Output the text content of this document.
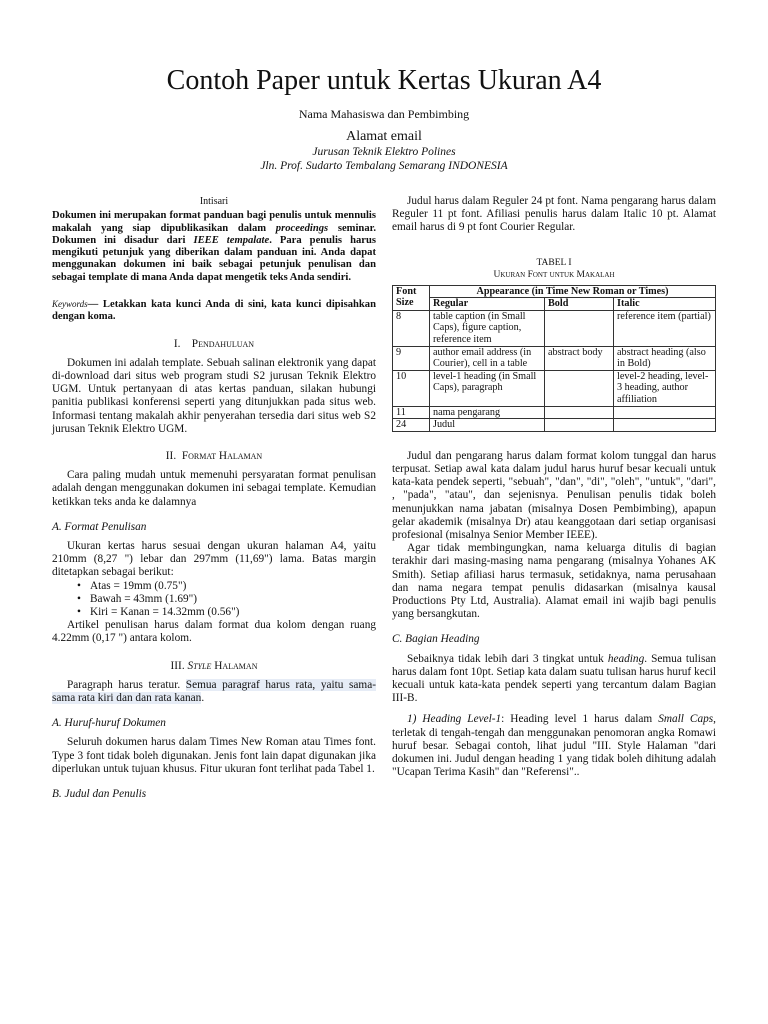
Contoh Paper untuk Kertas Ukuran A4
Nama Mahasiswa dan Pembimbing
Alamat email
Jurusan Teknik Elektro Polines
Jln. Prof. Sudarto Tembalang Semarang INDONESIA

Intisari

Dokumen ini merupakan format panduan bagi penulis untuk mennulis makalah yang siap dipublikasikan dalam proceedings seminar. Dokumen ini disadur dari IEEE tempalate. Para penulis harus mengikuti petunjuk yang diberikan dalam panduan ini. Anda dapat menggunakan dokumen ini baik sebagai petunjuk penulisan dan sebagai template di mana Anda dapat mengetik teks Anda sendiri.

Keywords— Letakkan kata kunci Anda di sini, kata kunci dipisahkan dengan koma.

I. Pendahuluan

Dokumen ini adalah template. Sebuah salinan elektronik yang dapat di-download dari situs web program studi S2 jurusan Teknik Elektro UGM. Untuk pertanyaan di atas kertas panduan, silakan hubungi panitia publikasi konferensi seperti yang ditunjukkan pada situs web. Informasi tentang makalah akhir penyerahan tersedia dari situs web S2 jurusan Teknik Elektro UGM.

II. Format Halaman

Cara paling mudah untuk memenuhi persyaratan format penulisan adalah dengan menggunakan dokumen ini sebagai template. Kemudian ketikkan teks anda ke dalamnya

A. Format Penulisan

Ukuran kertas harus sesuai dengan ukuran halaman A4, yaitu 210mm (8,27 ") lebar dan 297mm (11,69") lama. Batas margin ditetapkan sebagai berikut:

• Atas = 19mm (0.75")
• Bawah = 43mm (1.69")
• Kiri = Kanan = 14.32mm (0.56")

Artikel penulisan harus dalam format dua kolom dengan ruang 4.22mm (0,17 ") antara kolom.

III. Style Halaman

Paragraph harus teratur. Semua paragraf harus rata, yaitu sama-sama rata kiri dan dan rata kanan.

A. Huruf-huruf Dokumen

Seluruh dokumen harus dalam Times New Roman atau Times font. Type 3 font tidak boleh digunakan. Jenis font lain dapat digunakan jika diperlukan untuk tujuan khusus. Fitur ukuran font terlihat pada Tabel 1.

B. Judul dan Penulis

Judul harus dalam Reguler 24 pt font. Nama pengarang harus dalam Reguler 11 pt font. Afiliasi penulis harus dalam Italic 10 pt. Alamat email harus di 9 pt font Courier Regular.

TABEL I

Ukuran Font untuk Makalah

Font Size	Appearance (in Time New Roman or Times)		
	Regular	Bold	Italic
8	table caption (in Small Caps), figure caption, reference item		reference item (partial)
9	author email address (in Courier), cell in a table	abstract body	abstract heading (also in Bold)
10	level-1 heading (in Small Caps), paragraph		level-2 heading, level-3 heading, author affiliation
11	nama pengarang		
24	Judul		

Judul dan pengarang harus dalam format kolom tunggal dan harus terpusat. Setiap awal kata dalam judul harus huruf besar kecuali untuk kata-kata pendek seperti, "sebuah", "dan", "di", "oleh", "untuk", "dari", , "pada", "atau", dan sejenisnya. Penulisan penulis tidak boleh menunjukkan nama jabatan (misalnya Dosen Pembimbing), apapun gelar akademik (misalnya Dr) atau keanggotaan dari setiap organisasi profesional (misalnya Senior Member IEEE).

Agar tidak membingungkan, nama keluarga ditulis di bagian terakhir dari masing-masing nama pengarang (misalnya Yohanes AK Smith). Setiap afiliasi harus termasuk, setidaknya, nama perusahaan dan nama negara tempat penulis didasarkan (misalnya kausal Productions Pty Ltd, Australia). Alamat email ini wajib bagi penulis yang bersangkutan.

C. Bagian Heading

Sebaiknya tidak lebih dari 3 tingkat untuk heading. Semua tulisan harus dalam font 10pt. Setiap kata dalam suatu tulisan harus huruf kecil kecuali untuk kata-kata pendek seperti yang tercantum dalam Bagian III-B.

1) Heading Level-1: Heading level 1 harus dalam Small Caps, terletak di tengah-tengah dan menggunakan penomoran angka Romawi huruf besar. Sebagai contoh, lihat judul "III. Style Halaman "dari dokumen ini. Judul dengan heading 1 yang tidak boleh dihitung adalah "Ucapan Terima Kasih" dan "Referensi"..
